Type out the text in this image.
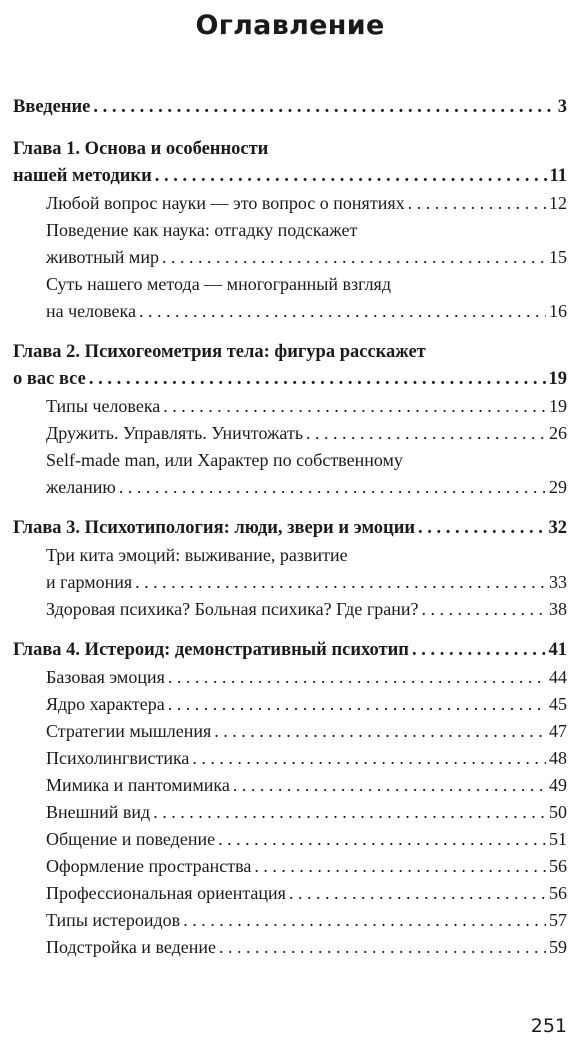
Оглавление
Введение . . .	3
Глава 1. Основа и особенности
нашей методики . . .	11
Любой вопрос науки — это вопрос о понятиях . . .	12
Поведение как наука: отгадку подскажет
животный мир . . .	15
Суть нашего метода — многогранный взгляд
на человека . . .	16
Глава 2. Психогеометрия тела: фигура расскажет
о вас все . . .	19
Типы человека . . .	19
Дружить. Управлять. Уничтожать . . .	26
Self-made man, или Характер по собственному
желанию . . .	29
Глава 3. Психотипология: люди, звери и эмоции . . .	32
Три кита эмоций: выживание, развитие
и гармония . . .	33
Здоровая психика? Больная психика? Где грани? . . .	38
Глава 4. Истероид: демонстративный психотип . . .	41
Базовая эмоция . . .	44
Ядро характера . . .	45
Стратегии мышления . . .	47
Психолингвистика . . .	48
Мимика и пантомимика . . .	49
Внешний вид . . .	50
Общение и поведение . . .	51
Оформление пространства . . .	56
Профессиональная ориентация . . .	56
Типы истероидов . . .	57
Подстройка и ведение . . .	59
251
